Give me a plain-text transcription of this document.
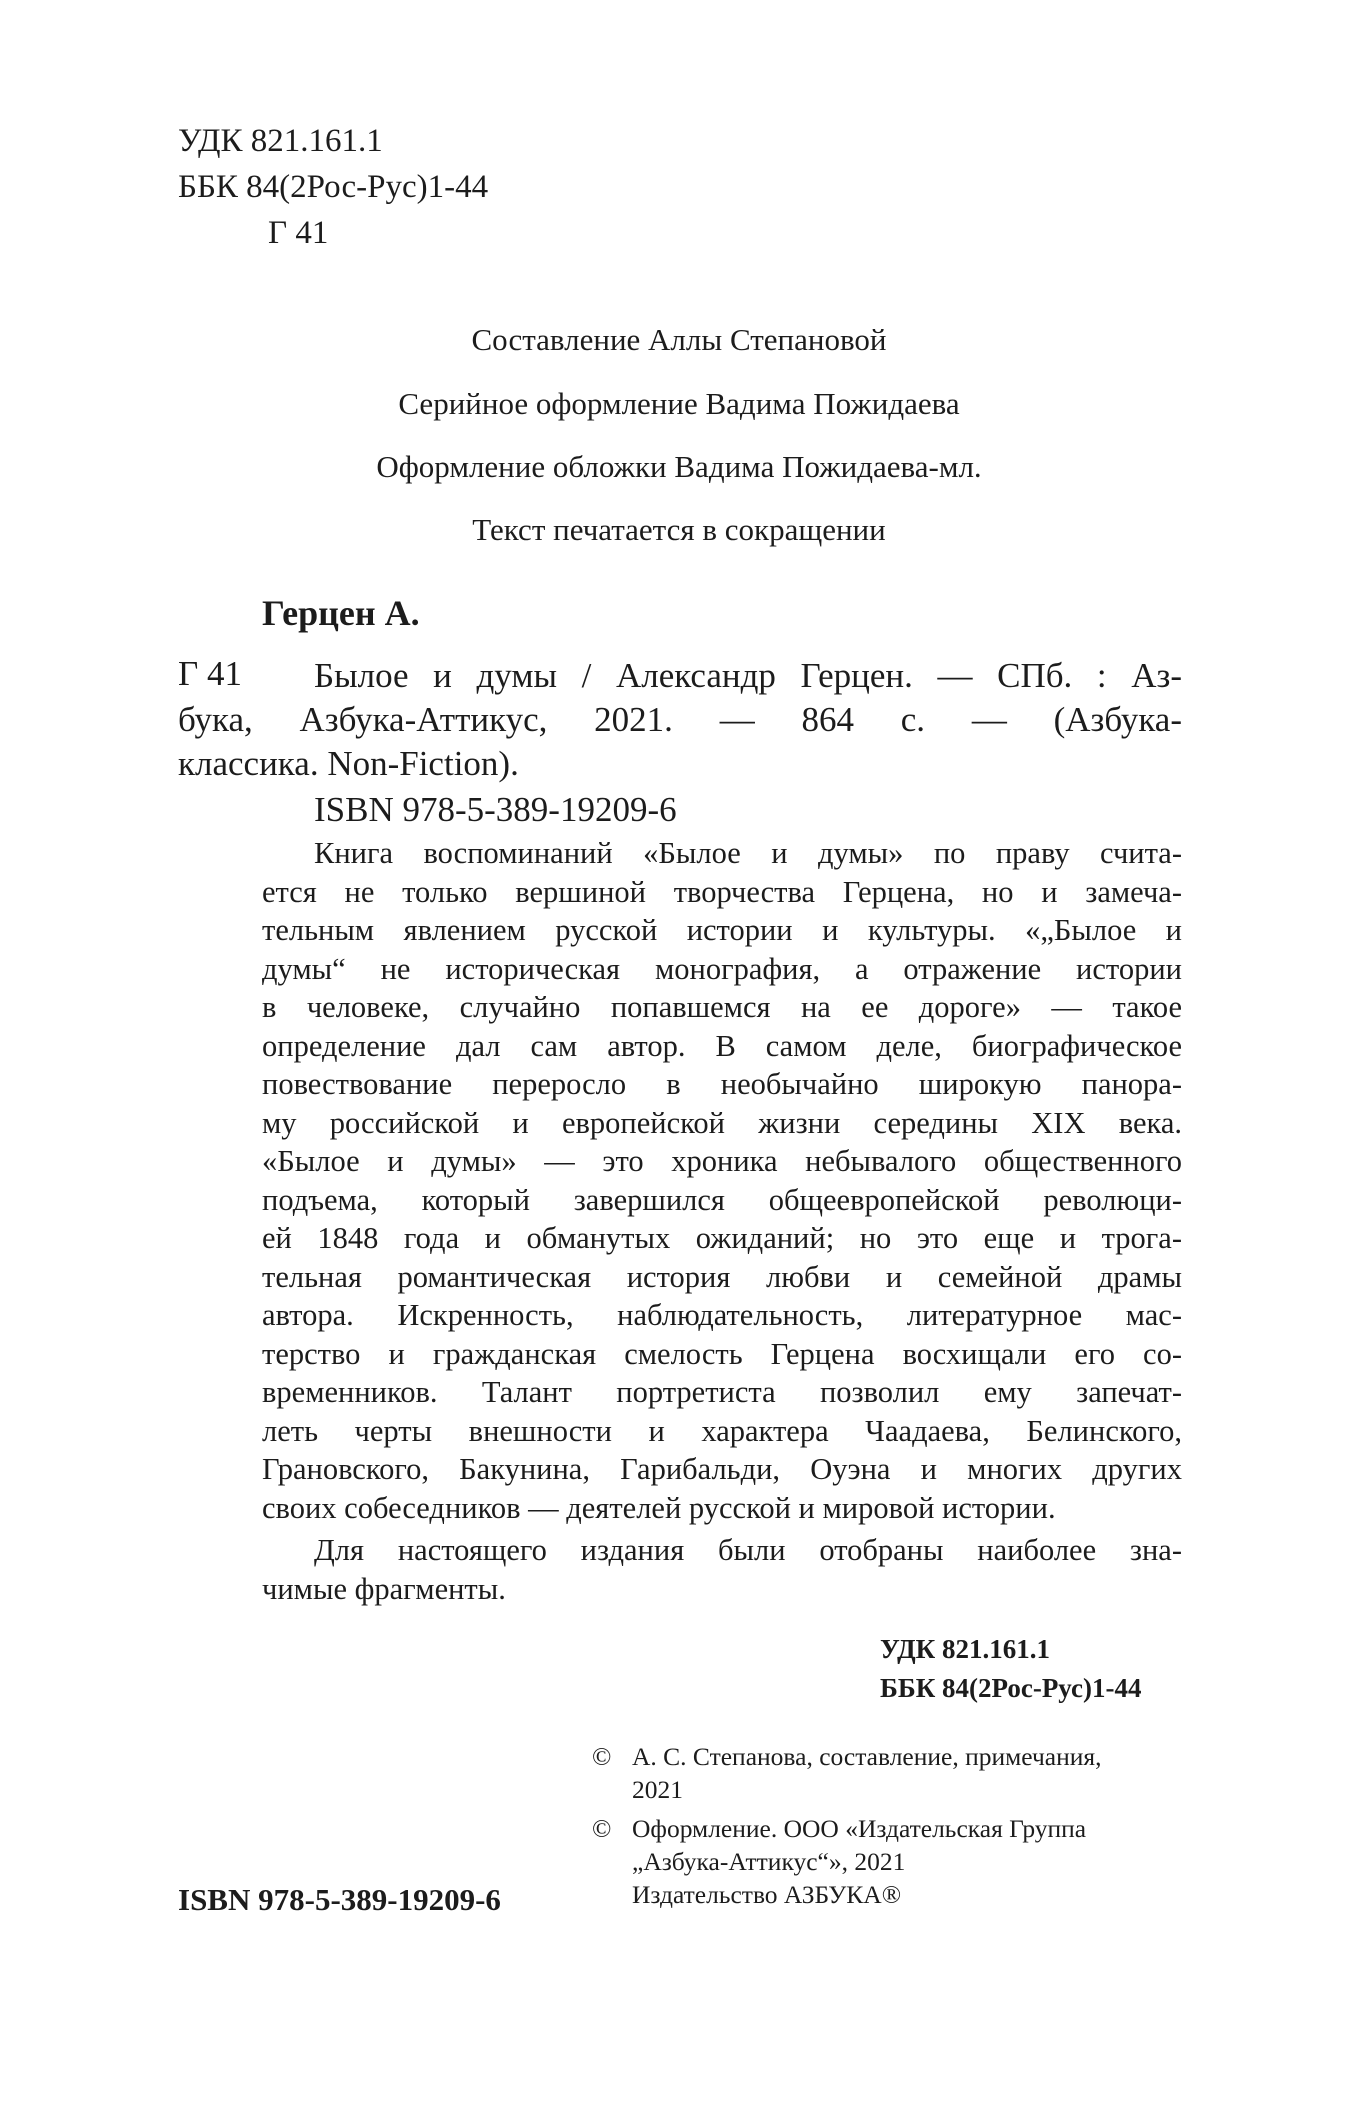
УДК 821.161.1
ББК 84(2Рос-Рус)1-44
Г 41
Составление Аллы Степановой
Серийное оформление Вадима Пожидаева
Оформление обложки Вадима Пожидаева-мл.
Текст печатается в сокращении
Герцен А.
Г 41 Былое и думы / Александр Герцен. — СПб. : Аз-
бука, Азбука-Аттикус, 2021. — 864 с. — (Азбука-
классика. Non-Fiction).
ISBN 978-5-389-19209-6
Книга воспоминаний «Былое и думы» по праву счита-
ется не только вершиной творчества Герцена, но и замеча-
тельным явлением русской истории и культуры. «„Былое и
думы“ не историческая монография, а отражение истории
в человеке, случайно попавшемся на ее дороге» — такое
определение дал сам автор. В самом деле, биографическое
повествование переросло в необычайно широкую панора-
му российской и европейской жизни середины XIX века.
«Былое и думы» — это хроника небывалого общественного
подъема, который завершился общеевропейской революци-
ей 1848 года и обманутых ожиданий; но это еще и трога-
тельная романтическая история любви и семейной драмы
автора. Искренность, наблюдательность, литературное мас-
терство и гражданская смелость Герцена восхищали его со-
временников. Талант портретиста позволил ему запечат-
леть черты внешности и характера Чаадаева, Белинского,
Грановского, Бакунина, Гарибальди, Оуэна и многих других
своих собеседников — деятелей русской и мировой истории.
Для настоящего издания были отобраны наиболее зна-
чимые фрагменты.
УДК 821.161.1
ББК 84(2Рос-Рус)1-44
© А. С. Степанова, составление, примечания,
2021
© Оформление. ООО «Издательская Группа
„Азбука-Аттикус“», 2021
Издательство АЗБУКА®
ISBN 978-5-389-19209-6
